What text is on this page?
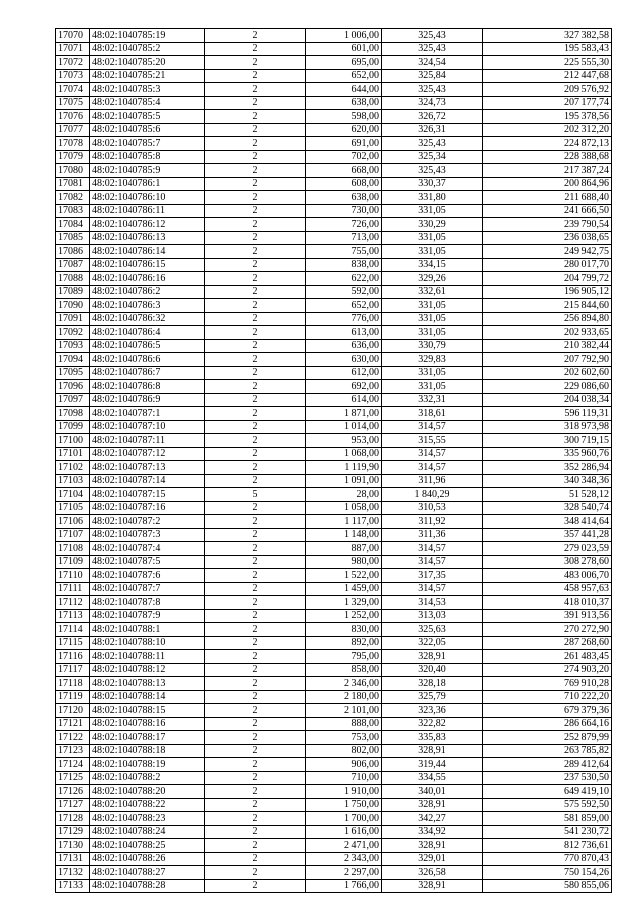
17070	48:02:1040785:19	2	1 006,00	325,43	327 382,58
17071	48:02:1040785:2	2	601,00	325,43	195 583,43
17072	48:02:1040785:20	2	695,00	324,54	225 555,30
17073	48:02:1040785:21	2	652,00	325,84	212 447,68
17074	48:02:1040785:3	2	644,00	325,43	209 576,92
17075	48:02:1040785:4	2	638,00	324,73	207 177,74
17076	48:02:1040785:5	2	598,00	326,72	195 378,56
17077	48:02:1040785:6	2	620,00	326,31	202 312,20
17078	48:02:1040785:7	2	691,00	325,43	224 872,13
17079	48:02:1040785:8	2	702,00	325,34	228 388,68
17080	48:02:1040785:9	2	668,00	325,43	217 387,24
17081	48:02:1040786:1	2	608,00	330,37	200 864,96
17082	48:02:1040786:10	2	638,00	331,80	211 688,40
17083	48:02:1040786:11	2	730,00	331,05	241 666,50
17084	48:02:1040786:12	2	726,00	330,29	239 790,54
17085	48:02:1040786:13	2	713,00	331,05	236 038,65
17086	48:02:1040786:14	2	755,00	331,05	249 942,75
17087	48:02:1040786:15	2	838,00	334,15	280 017,70
17088	48:02:1040786:16	2	622,00	329,26	204 799,72
17089	48:02:1040786:2	2	592,00	332,61	196 905,12
17090	48:02:1040786:3	2	652,00	331,05	215 844,60
17091	48:02:1040786:32	2	776,00	331,05	256 894,80
17092	48:02:1040786:4	2	613,00	331,05	202 933,65
17093	48:02:1040786:5	2	636,00	330,79	210 382,44
17094	48:02:1040786:6	2	630,00	329,83	207 792,90
17095	48:02:1040786:7	2	612,00	331,05	202 602,60
17096	48:02:1040786:8	2	692,00	331,05	229 086,60
17097	48:02:1040786:9	2	614,00	332,31	204 038,34
17098	48:02:1040787:1	2	1 871,00	318,61	596 119,31
17099	48:02:1040787:10	2	1 014,00	314,57	318 973,98
17100	48:02:1040787:11	2	953,00	315,55	300 719,15
17101	48:02:1040787:12	2	1 068,00	314,57	335 960,76
17102	48:02:1040787:13	2	1 119,90	314,57	352 286,94
17103	48:02:1040787:14	2	1 091,00	311,96	340 348,36
17104	48:02:1040787:15	5	28,00	1 840,29	51 528,12
17105	48:02:1040787:16	2	1 058,00	310,53	328 540,74
17106	48:02:1040787:2	2	1 117,00	311,92	348 414,64
17107	48:02:1040787:3	2	1 148,00	311,36	357 441,28
17108	48:02:1040787:4	2	887,00	314,57	279 023,59
17109	48:02:1040787:5	2	980,00	314,57	308 278,60
17110	48:02:1040787:6	2	1 522,00	317,35	483 006,70
17111	48:02:1040787:7	2	1 459,00	314,57	458 957,63
17112	48:02:1040787:8	2	1 329,00	314,53	418 010,37
17113	48:02:1040787:9	2	1 252,00	313,03	391 913,56
17114	48:02:1040788:1	2	830,00	325,63	270 272,90
17115	48:02:1040788:10	2	892,00	322,05	287 268,60
17116	48:02:1040788:11	2	795,00	328,91	261 483,45
17117	48:02:1040788:12	2	858,00	320,40	274 903,20
17118	48:02:1040788:13	2	2 346,00	328,18	769 910,28
17119	48:02:1040788:14	2	2 180,00	325,79	710 222,20
17120	48:02:1040788:15	2	2 101,00	323,36	679 379,36
17121	48:02:1040788:16	2	888,00	322,82	286 664,16
17122	48:02:1040788:17	2	753,00	335,83	252 879,99
17123	48:02:1040788:18	2	802,00	328,91	263 785,82
17124	48:02:1040788:19	2	906,00	319,44	289 412,64
17125	48:02:1040788:2	2	710,00	334,55	237 530,50
17126	48:02:1040788:20	2	1 910,00	340,01	649 419,10
17127	48:02:1040788:22	2	1 750,00	328,91	575 592,50
17128	48:02:1040788:23	2	1 700,00	342,27	581 859,00
17129	48:02:1040788:24	2	1 616,00	334,92	541 230,72
17130	48:02:1040788:25	2	2 471,00	328,91	812 736,61
17131	48:02:1040788:26	2	2 343,00	329,01	770 870,43
17132	48:02:1040788:27	2	2 297,00	326,58	750 154,26
17133	48:02:1040788:28	2	1 766,00	328,91	580 855,06
